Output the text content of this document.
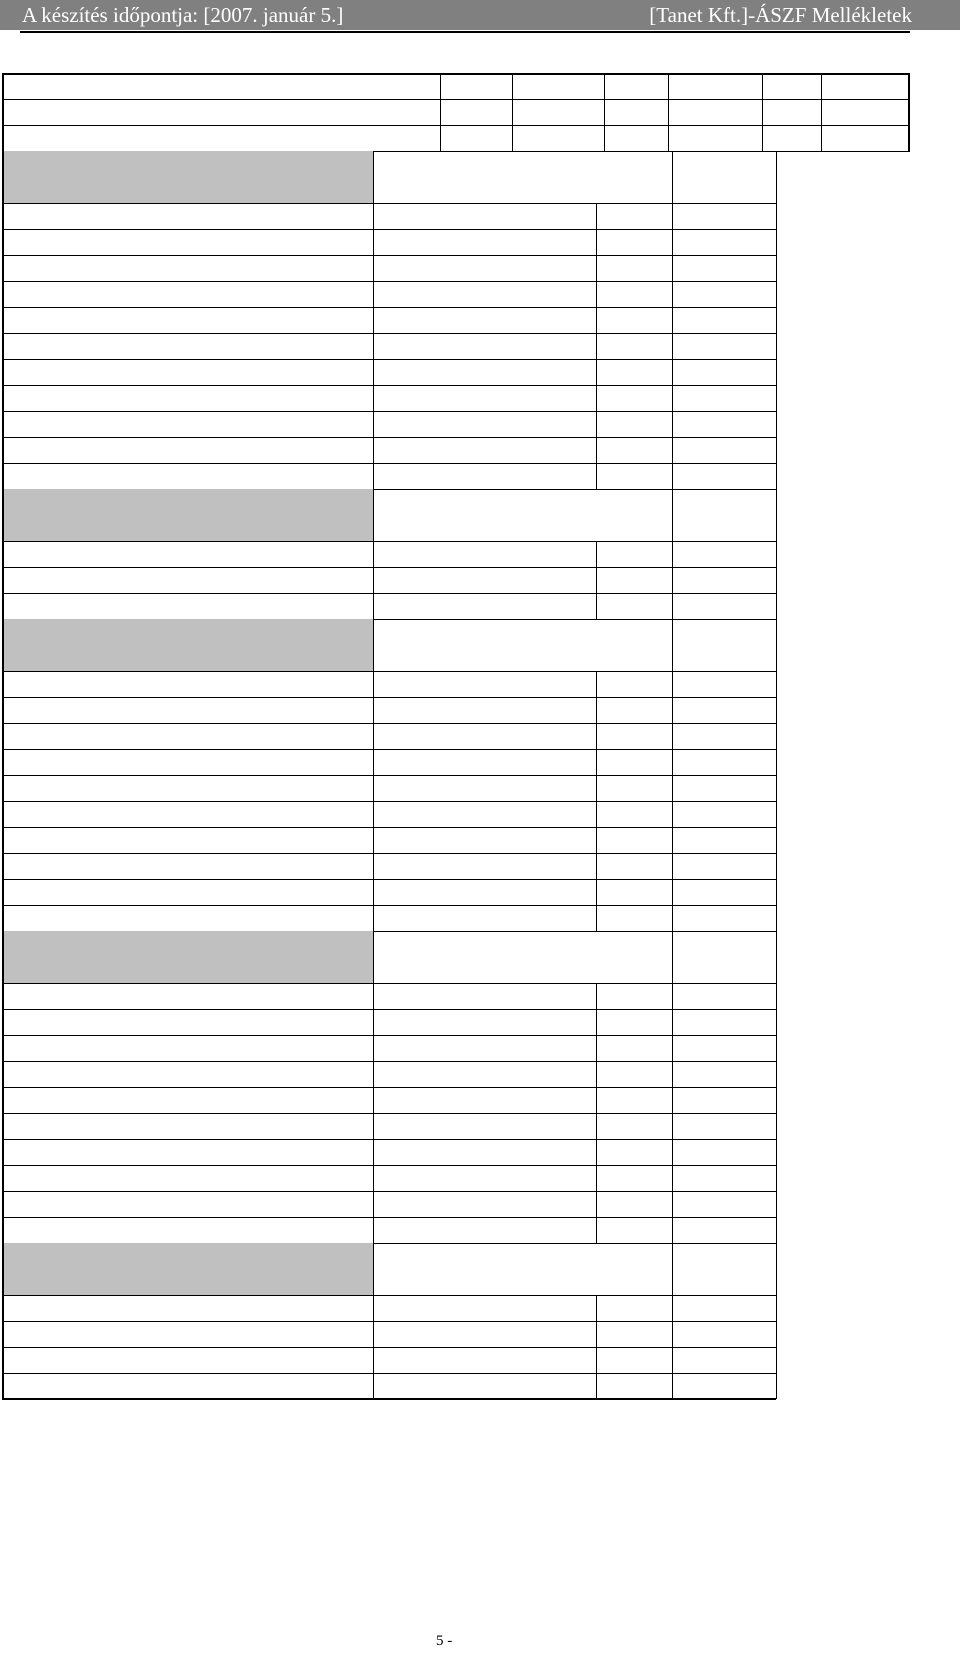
A készítés időpontja: [2007. január 5.]	[Tanet Kft.]-ÁSZF Mellékletek
5 -
